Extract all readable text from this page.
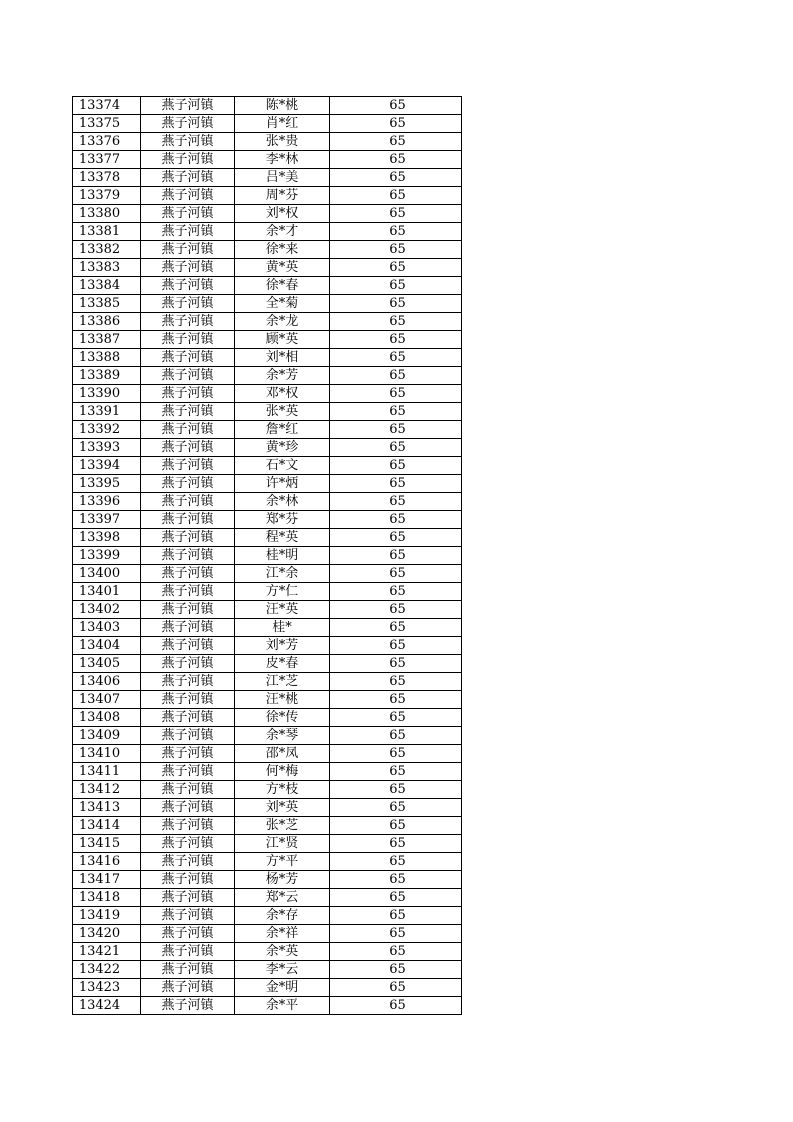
13374	燕子河镇	陈*桃	65
13375	燕子河镇	肖*红	65
13376	燕子河镇	张*贵	65
13377	燕子河镇	李*林	65
13378	燕子河镇	吕*美	65
13379	燕子河镇	周*芬	65
13380	燕子河镇	刘*权	65
13381	燕子河镇	余*才	65
13382	燕子河镇	徐*来	65
13383	燕子河镇	黄*英	65
13384	燕子河镇	徐*春	65
13385	燕子河镇	全*菊	65
13386	燕子河镇	余*龙	65
13387	燕子河镇	顾*英	65
13388	燕子河镇	刘*相	65
13389	燕子河镇	余*芳	65
13390	燕子河镇	邓*权	65
13391	燕子河镇	张*英	65
13392	燕子河镇	詹*红	65
13393	燕子河镇	黄*珍	65
13394	燕子河镇	石*文	65
13395	燕子河镇	许*炳	65
13396	燕子河镇	余*林	65
13397	燕子河镇	郑*芬	65
13398	燕子河镇	程*英	65
13399	燕子河镇	桂*明	65
13400	燕子河镇	江*余	65
13401	燕子河镇	方*仁	65
13402	燕子河镇	汪*英	65
13403	燕子河镇	桂*	65
13404	燕子河镇	刘*芳	65
13405	燕子河镇	皮*春	65
13406	燕子河镇	江*芝	65
13407	燕子河镇	汪*桃	65
13408	燕子河镇	徐*传	65
13409	燕子河镇	余*琴	65
13410	燕子河镇	邵*凤	65
13411	燕子河镇	何*梅	65
13412	燕子河镇	方*枝	65
13413	燕子河镇	刘*英	65
13414	燕子河镇	张*芝	65
13415	燕子河镇	江*贤	65
13416	燕子河镇	方*平	65
13417	燕子河镇	杨*芳	65
13418	燕子河镇	郑*云	65
13419	燕子河镇	余*存	65
13420	燕子河镇	余*祥	65
13421	燕子河镇	余*英	65
13422	燕子河镇	李*云	65
13423	燕子河镇	金*明	65
13424	燕子河镇	余*平	65
